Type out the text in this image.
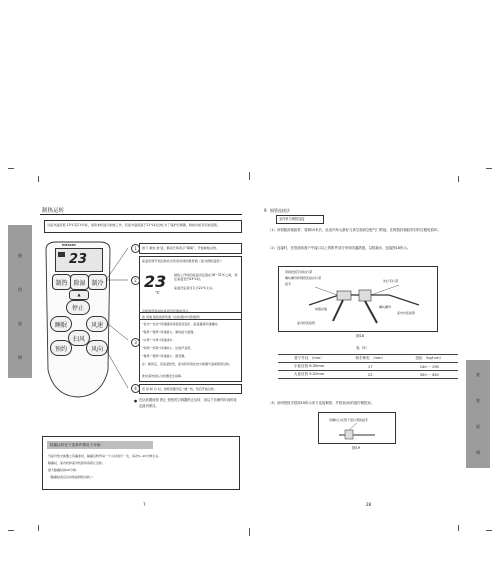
使
用
说
明
制热运转
当室外温度低-15℃至21℃时，请用本机进行制热工作，若室外温度高于21℃时运转,为了保护空调器，制热功能有可能受限。
HITACHI
23
制热 除湿 制冷
▲
睡眠	风速
停止
扫风
预约	风向
1	按下 制热 按 钮，静音长鸣表示“嘀嘀”，开始制热运转。
2
室温若调节到运转状态所需时间的推荐值（室内感知温度）：
23
℃
制热工作时的室温设定值在18~32℃之间，特定室温至约23℃时。
室温设定值可以为22℃左右。
运转温度和实时室温设定值时显示。
3
按 风速 按钮选择风速（自动/强/中/弱/微风）
“自动”“自动”风速随房间温度而变化；室温越高风速越快。
“强风”“强风”风速最大，制热能力最强。
“中风”“中风”风速适中。
“弱风”“弱风”风速较小，运转声音低。
“微风”“微风”风速最小，最安静。
注：暖风后，若室温较低，室内机风扇在热交换器升温前暂停运转。
此时请勿误认为机器发生故障。
4	若 是 制 冷 时，按照需要设定 “暖” 档，然后开始运转。
● 在运转期间按 停止 按钮时空调器停止运转，但以下各操作时间的设定值仍保存。
除霜运转在下述条件情况下开始：
当室外热交换器上有霜冻时，除霜运转约每一个小时进行一次，每次5~10分钟左右。
除霜时，室内机和室外机的风扇停止运转。
最大除霜时间20分钟。
（除霜结束后自动恢复制热运转。）
7
安
装
说
明
9 铜管连接法
室内机与铜管连接
（1）用树脂封墙胶带、将铜15米长，此室内单元最好与真空抽真空配气门的接。在树脂封墙胶带封时应避免损坏。
（2）连接时，在管道和窗户中接口以上的附件部分采用防漏措施，以防漏水，连接图18所示。
用两把扳手同时拧紧
喇叭螺母和铜管连接并拧紧
扳手
树脂封墙
先拧手拧紧
喇叭螺母
室内机连接管
室内外连接管
图18
表（5）
管子外径 （mm）	扳手种类 （mm）	扭矩 （kgf·cm）
小直径管 6.35mm	17	140 ~ 190
大直径管 9.52mm	22	350 ~ 450
（3）用两把扳手按照18所示用力连接铜管，并按表(5)的值拧紧扭矩。
用喇叭口在管子里拧紧的扳手
图19
28
